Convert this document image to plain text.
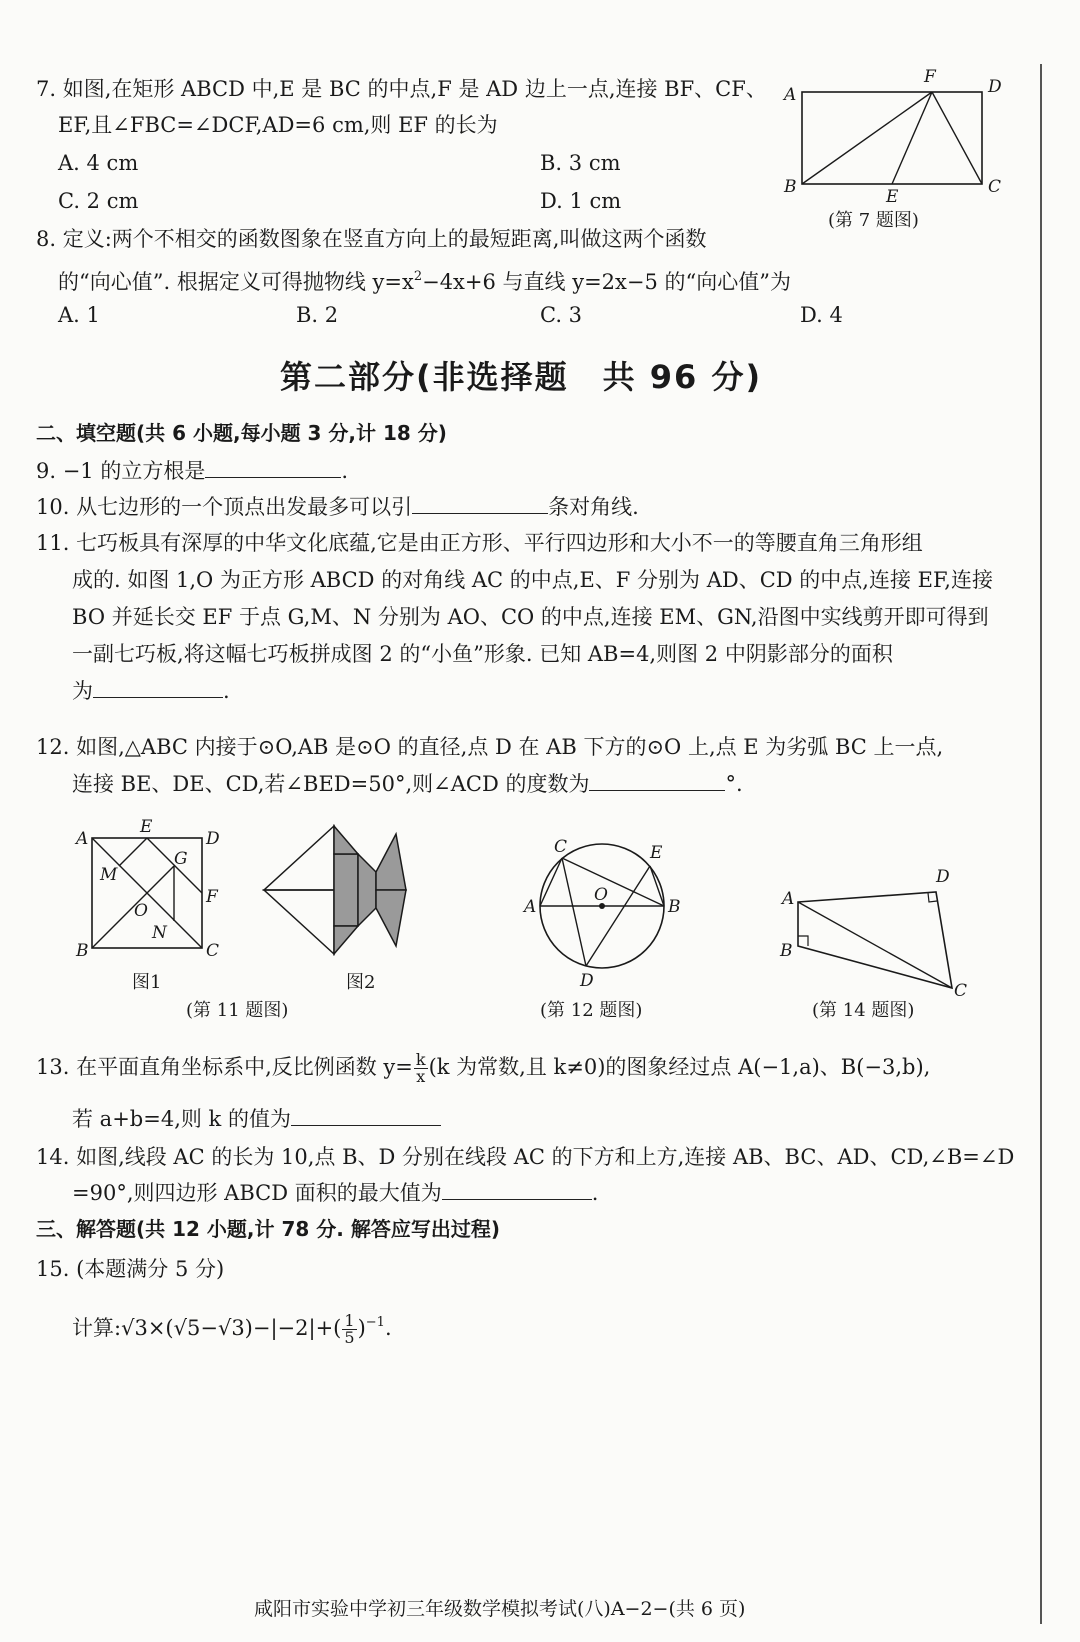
7. 如图,在矩形 ABCD 中,E 是 BC 的中点,F 是 AD 边上一点,连接 BF、CF、
EF,且∠FBC=∠DCF,AD=6 cm,则 EF 的长为
A. 4 cm	B. 3 cm
C. 2 cm	D. 1 cm
A	D
F
B	C
E
(第 7 题图)
8. 定义:两个不相交的函数图象在竖直方向上的最短距离,叫做这两个函数
的“向心值”. 根据定义可得抛物线 $y=x^2-4x+6$ 与直线 y=2x−5 的“向心值”为
A. 1	B. 2	C. 3	D. 4
第二部分(非选择题　共 96 分)
二、填空题(共 6 小题,每小题 3 分,计 18 分)
9. −1 的立方根是	.
10. 从七边形的一个顶点出发最多可以引	条对角线.
11. 七巧板具有深厚的中华文化底蕴,它是由正方形、平行四边形和大小不一的等腰直角三角形组
成的. 如图 1,O 为正方形 ABCD 的对角线 AC 的中点,E、F 分别为 AD、CD 的中点,连接 EF,连接
BO 并延长交 EF 于点 G,M、N 分别为 AO、CO 的中点,连接 EM、GN,沿图中实线剪开即可得到
一副七巧板,将这幅七巧板拼成图 2 的“小鱼”形象. 已知 AB=4,则图 2 中阴影部分的面积
为	.
12. 如图,△ABC 内接于⊙O,AB 是⊙O 的直径,点 D 在 AB 下方的⊙O 上,点 E 为劣弧 BC 上一点,
连接 BE、DE、CD,若∠BED=50°,则∠ACD 的度数为	°.
A	D
E
G
F
M
O
N
B	C
图1	图2
(第 11 题图)
A	B
C	E
O
D
(第 12 题图)
A
D
B
C
(第 14 题图)
13. 在平面直角坐标系中,反比例函数 $y= \frac{k}{x} (k$ 为常数,且 k≠0)的图象经过点 A(−1,a)、B(−3,b),
若 a+b=4,则 k 的值为
14. 如图,线段 AC 的长为 10,点 B、D 分别在线段 AC 的下方和上方,连接 AB、BC、AD、CD,∠B=∠D
=90°,则四边形 ABCD 面积的最大值为	.
三、解答题(共 12 小题,计 78 分. 解答应写出过程)
15. (本题满分 5 分)
计算:√3×(√5−√3)−|−2|+( $\frac{1}{5} )^{-1}$.
咸阳市实验中学初三年级数学模拟考试(八)A−2−(共 6 页)
